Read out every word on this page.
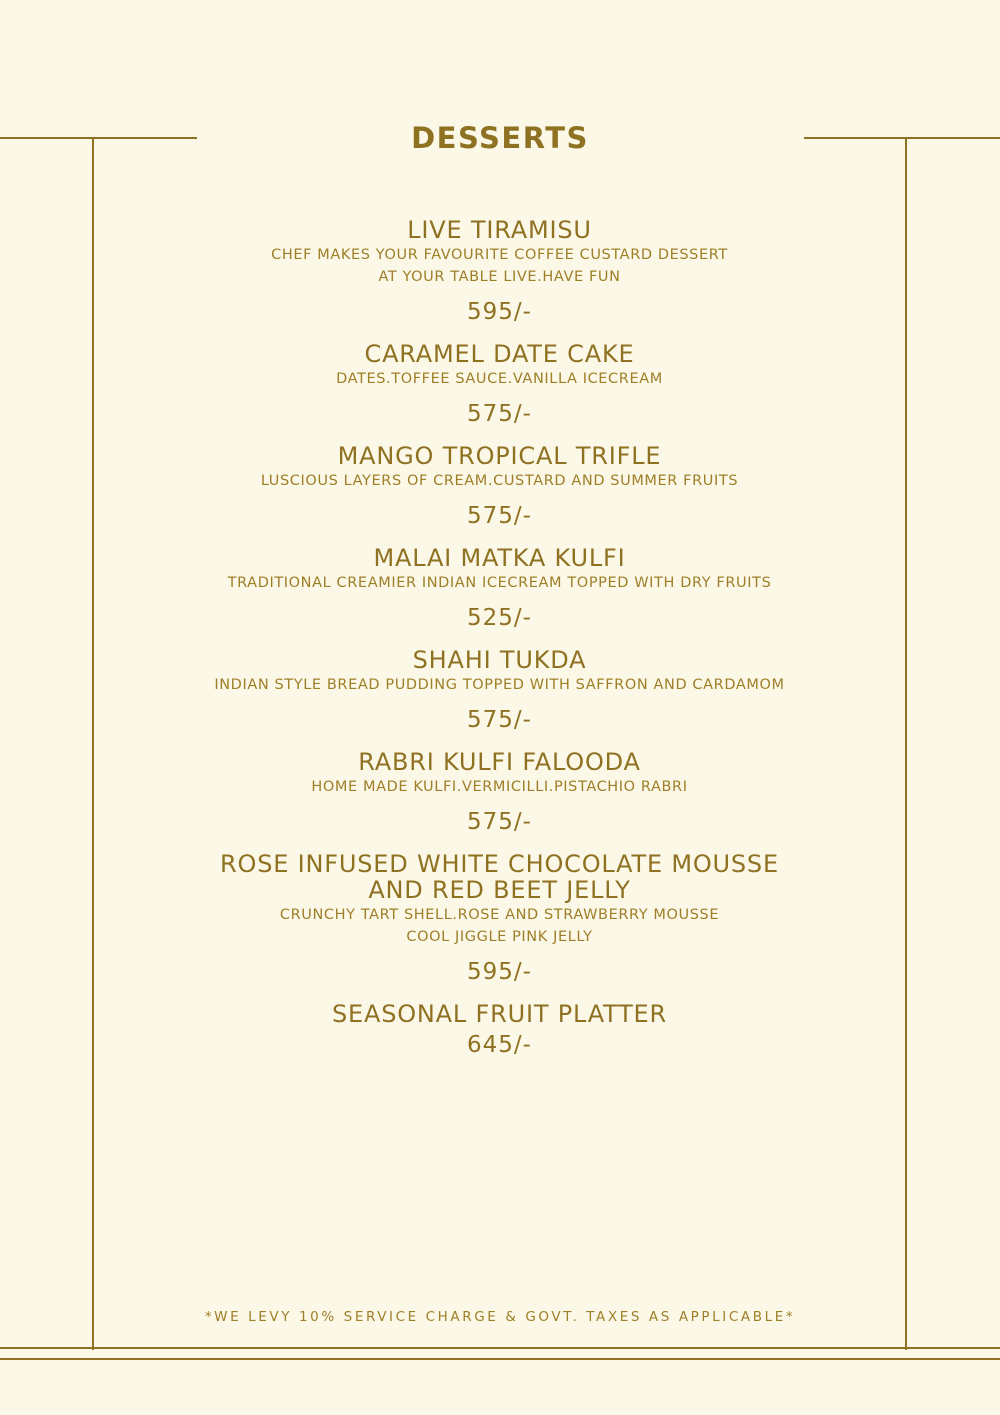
DESSERTS
LIVE TIRAMISU
CHEF MAKES YOUR FAVOURITE COFFEE CUSTARD DESSERT
AT YOUR TABLE LIVE.HAVE FUN
595/-
CARAMEL DATE CAKE
DATES.TOFFEE SAUCE.VANILLA ICECREAM
575/-
MANGO TROPICAL TRIFLE
LUSCIOUS LAYERS OF CREAM.CUSTARD AND SUMMER FRUITS
575/-
MALAI MATKA KULFI
TRADITIONAL CREAMIER INDIAN ICECREAM TOPPED WITH DRY FRUITS
525/-
SHAHI TUKDA
INDIAN STYLE BREAD PUDDING TOPPED WITH SAFFRON AND CARDAMOM
575/-
RABRI KULFI FALOODA
HOME MADE KULFI.VERMICILLI.PISTACHIO RABRI
575/-
ROSE INFUSED WHITE CHOCOLATE MOUSSE
AND RED BEET JELLY
CRUNCHY TART SHELL.ROSE AND STRAWBERRY MOUSSE
COOL JIGGLE PINK JELLY
595/-
SEASONAL FRUIT PLATTER
645/-
*WE LEVY 10% SERVICE CHARGE & GOVT. TAXES AS APPLICABLE*
